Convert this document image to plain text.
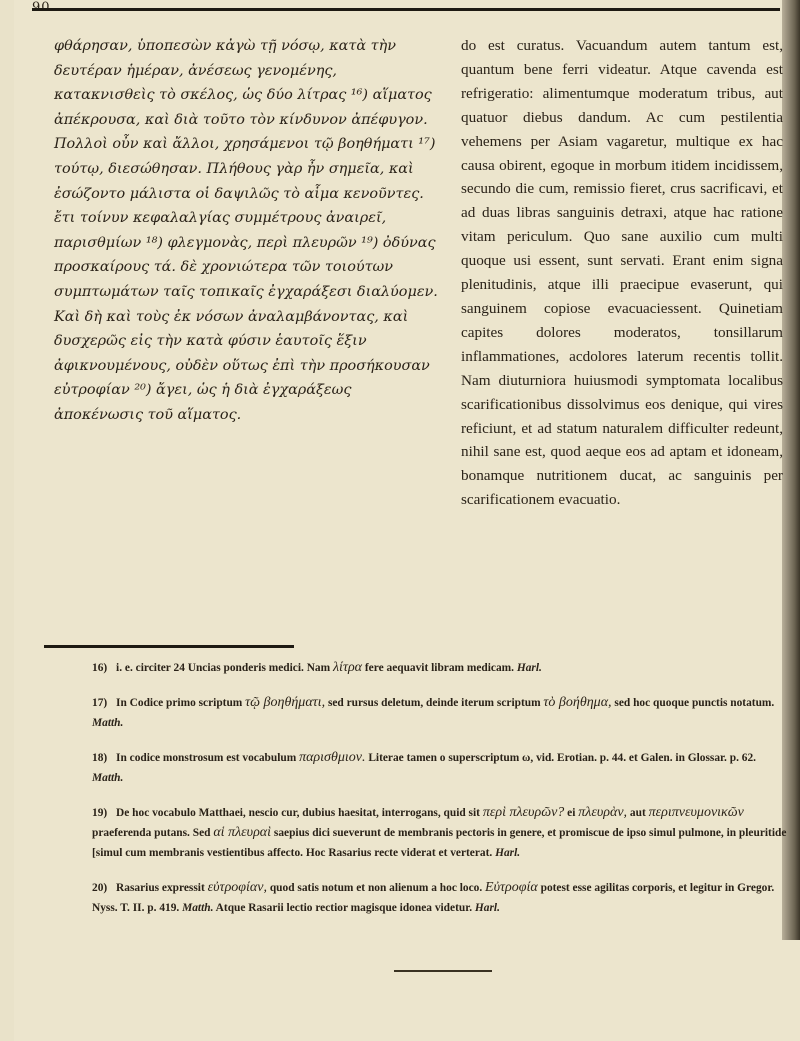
φθάρησαν, ὑποπεσὼν κἀγὼ τῇ νόσῳ, κατὰ τὴν δευτέραν ἡμέραν, ἀνέσεως γενομένης, κατακνισθεὶς τὸ σκέλος, ὡς δύο λίτρας ¹⁶) αἵματος ἀπέκρουσα, καὶ διὰ τοῦτο τὸν κίνδυνον ἀπέφυγον. Πολλοὶ οὖν καὶ ἄλλοι, χρησάμενοι τῷ βοηθήματι ¹⁷) τούτῳ, διεσώθησαν. Πλήθους γὰρ ἦν σημεῖα, καὶ ἐσώζοντο μάλιστα οἱ δαψιλῶς τὸ αἷμα κενοῦντες. ἔτι τοίνυν κεφαλαλγίας συμμέτρους ἀναιρεῖ, παρισθμίων ¹⁸) φλεγμονὰς, περὶ πλευρῶν ¹⁹) ὀδύνας προσκαίρους τά. δὲ χρονιώτερα τῶν τοιούτων συμπτωμάτων ταῖς τοπικαῖς ἐγχαράξεσι διαλύομεν. Καὶ δὴ καὶ τοὺς ἐκ νόσων ἀναλαμβάνοντας, καὶ δυσχερῶς εἰς τὴν κατὰ φύσιν ἑαυτοῖς ἕξιν ἀφικνουμένους, οὐδὲν οὕτως ἐπὶ τὴν προσήκουσαν εὐτροφίαν ²⁰) ἄγει, ὡς ἡ διὰ ἐγχαράξεως ἀποκένωσις τοῦ αἵματος.

do est curatus. Vacuandum autem tantum est, quantum bene ferri videatur. Atque cavenda est refrigeratio: alimentumque moderatum tribus, aut quatuor diebus dandum. Ac cum pestilentia vehemens per Asiam vagaretur, multique ex hac causa obirent, egoque in morbum itidem incidissem, secundo die cum, remissio fieret, crus sacrificavi, et ad duas libras sanguinis detraxi, atque hac ratione vitam periculum. Quo sane auxilio cum multi quoque usi essent, sunt servati. Erant enim signa plenitudinis, atque illi praecipue evaserunt, qui sanguinem copiose evacuaciessent. Quinetiam capites dolores moderatos, tonsillarum inflammationes, acdolores laterum recentis tollit. Nam diuturniora huiusmodi symptomata localibus scarificationibus dissolvimus eos denique, qui vires reficiunt, et ad statum naturalem difficulter redeunt, nihil sane est, quod aeque eos ad aptam et idoneam, bonamque nutritionem ducat, ac sanguinis per scarificationem evacuatio.

16) i. e. circiter 24 Uncias ponderis medici. Nam λίτρα fere aequavit libram medicam. Harl.

17) In Codice primo scriptum τῷ βοηθήματι, sed rursus deletum, deinde iterum scriptum τὸ βοήθημα, sed hoc quoque punctis notatum. Matth.

18) In codice monstrosum est vocabulum παρισθμιον. Literae tamen ο superscriptum ω, vid. Erotian. p. 44. et Galen. in Glossar. p. 62. Matth.

19) De hoc vocabulo Matthaei, nescio cur, dubius haesitat, interrogans, quid sit περὶ πλευρῶν? ei πλευρὰν, aut περιπνευμονικῶν praeferenda putans. Sed αἱ πλευραὶ saepius dici sueverunt de membranis pectoris in genere, et promiscue de ipso simul pulmone, in pleuritide [simul cum membranis vestientibus affecto. Hoc Rasarius recte viderat et verterat. Harl.

20) Rasarius expressit εὐτροφίαν, quod satis notum et non alienum a hoc loco. Εὐτροφία potest esse agilitas corporis, et legitur in Gregor. Nyss. T. II. p. 419. Matth. Atque Rasarii lectio rectior magisque idonea videtur. Harl.
